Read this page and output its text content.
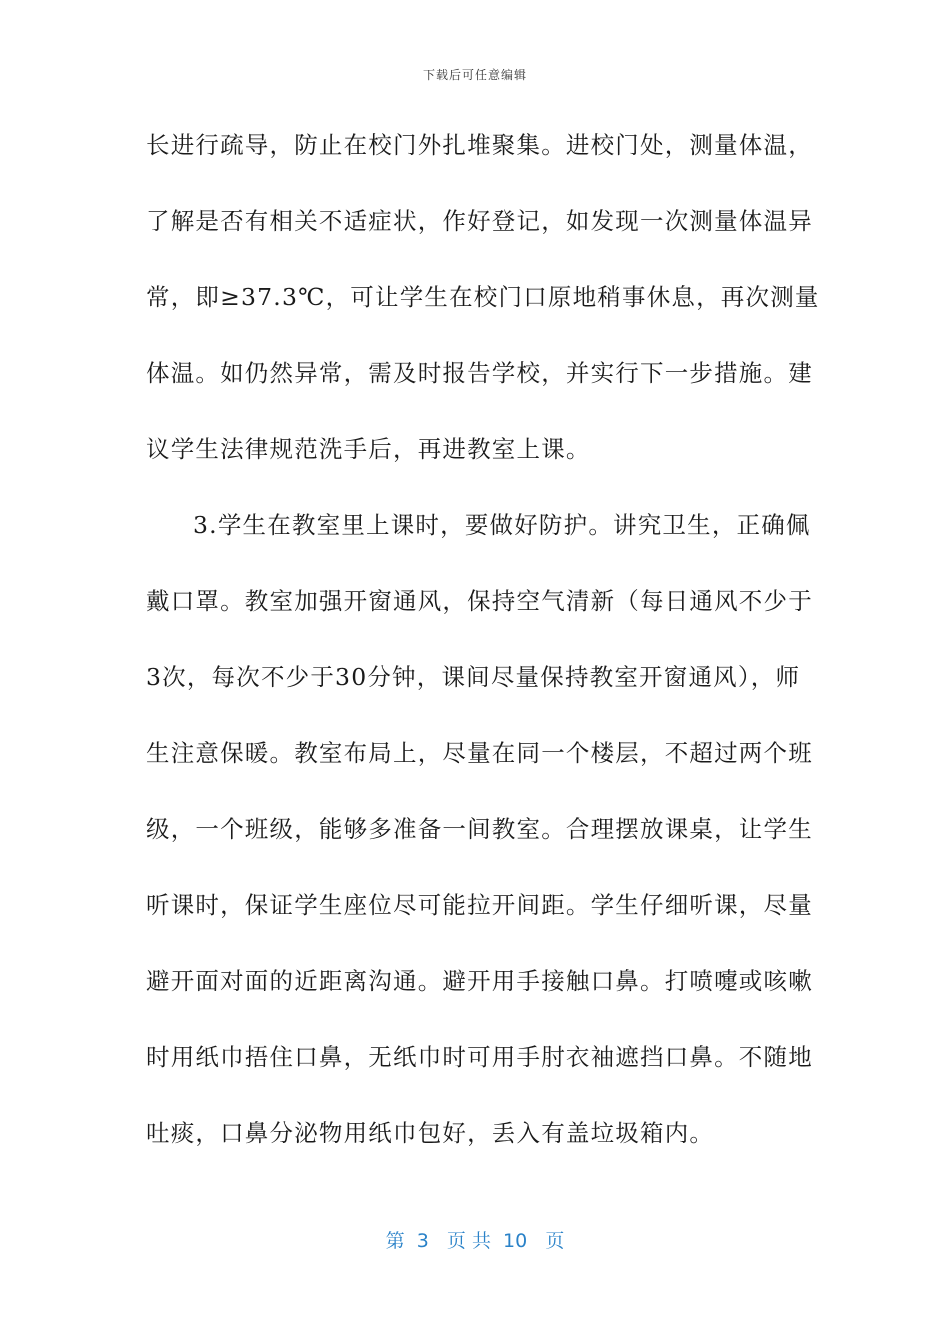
下载后可任意编辑
长进行疏导，防止在校门外扎堆聚集。进校门处，测量体温，
了解是否有相关不适症状，作好登记，如发现一次测量体温异
常，即≥37.3℃，可让学生在校门口原地稍事休息，再次测量
体温。如仍然异常，需及时报告学校，并实行下一步措施。建
议学生法律规范洗手后，再进教室上课。
3.学生在教室里上课时，要做好防护。讲究卫生，正确佩
戴口罩。教室加强开窗通风，保持空气清新（每日通风不少于
3次，每次不少于30分钟，课间尽量保持教室开窗通风），师
生注意保暖。教室布局上，尽量在同一个楼层，不超过两个班
级，一个班级，能够多准备一间教室。合理摆放课桌，让学生
听课时，保证学生座位尽可能拉开间距。学生仔细听课，尽量
避开面对面的近距离沟通。避开用手接触口鼻。打喷嚏或咳嗽
时用纸巾捂住口鼻，无纸巾时可用手肘衣袖遮挡口鼻。不随地
吐痰，口鼻分泌物用纸巾包好，丢入有盖垃圾箱内。
第  3   页 共  10   页
